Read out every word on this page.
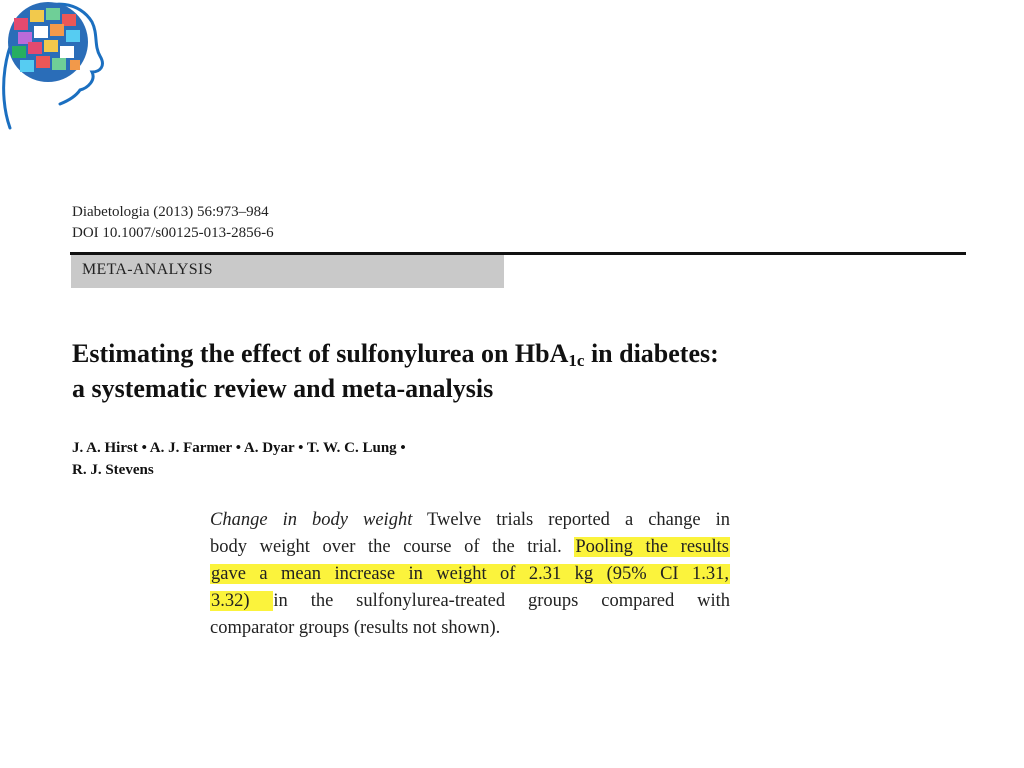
Diabetologia (2013) 56:973–984
DOI 10.1007/s00125-013-2856-6
META-ANALYSIS
Estimating the effect of sulfonylurea on HbA$_{1c}$ in diabetes:
a systematic review and meta-analysis
J. A. Hirst • A. J. Farmer • A. Dyar • T. W. C. Lung •
R. J. Stevens
Change in body weight Twelve trials reported a change in
body weight over the course of the trial. Pooling the results
gave a mean increase in weight of 2.31 kg (95% CI 1.31,
3.32) in the sulfonylurea-treated groups compared with
comparator groups (results not shown).
